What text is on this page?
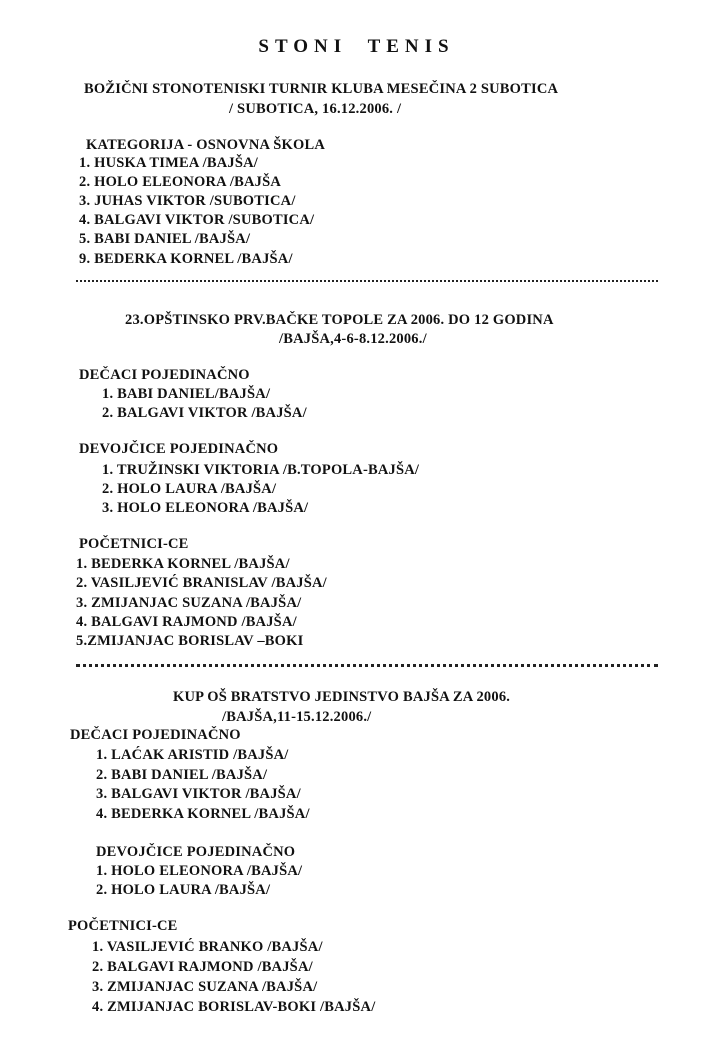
STONI TENIS
BOŽIČNI STONOTENISKI TURNIR KLUBA MESEČINA 2 SUBOTICA
/ SUBOTICA, 16.12.2006. /
KATEGORIJA - OSNOVNA ŠKOLA
1. HUSKA TIMEA /BAJŠA/
2. HOLO ELEONORA /BAJŠA
3. JUHAS VIKTOR /SUBOTICA/
4. BALGAVI VIKTOR /SUBOTICA/
5. BABI DANIEL /BAJŠA/
9. BEDERKA KORNEL /BAJŠA/
23.OPŠTINSKO PRV.BAČKE TOPOLE ZA 2006. DO 12 GODINA
/BAJŠA,4-6-8.12.2006./
DEČACI POJEDINAČNO
1. BABI DANIEL/BAJŠA/
2. BALGAVI VIKTOR /BAJŠA/
DEVOJČICE POJEDINAČNO
1. TRUŽINSKI VIKTORIA /B.TOPOLA-BAJŠA/
2. HOLO LAURA /BAJŠA/
3. HOLO ELEONORA /BAJŠA/
POČETNICI-CE
1. BEDERKA KORNEL /BAJŠA/
2. VASILJEVIĆ BRANISLAV /BAJŠA/
3. ZMIJANJAC SUZANA /BAJŠA/
4. BALGAVI RAJMOND /BAJŠA/
5.ZMIJANJAC BORISLAV –BOKI
KUP OŠ BRATSTVO JEDINSTVO BAJŠA ZA 2006.
/BAJŠA,11-15.12.2006./
DEČACI POJEDINAČNO
1. LAĆAK ARISTID /BAJŠA/
2. BABI DANIEL /BAJŠA/
3. BALGAVI VIKTOR /BAJŠA/
4. BEDERKA KORNEL /BAJŠA/
DEVOJČICE POJEDINAČNO
1. HOLO ELEONORA /BAJŠA/
2. HOLO LAURA /BAJŠA/
POČETNICI-CE
1. VASILJEVIĆ BRANKO /BAJŠA/
2. BALGAVI RAJMOND /BAJŠA/
3. ZMIJANJAC SUZANA /BAJŠA/
4. ZMIJANJAC BORISLAV-BOKI /BAJŠA/
